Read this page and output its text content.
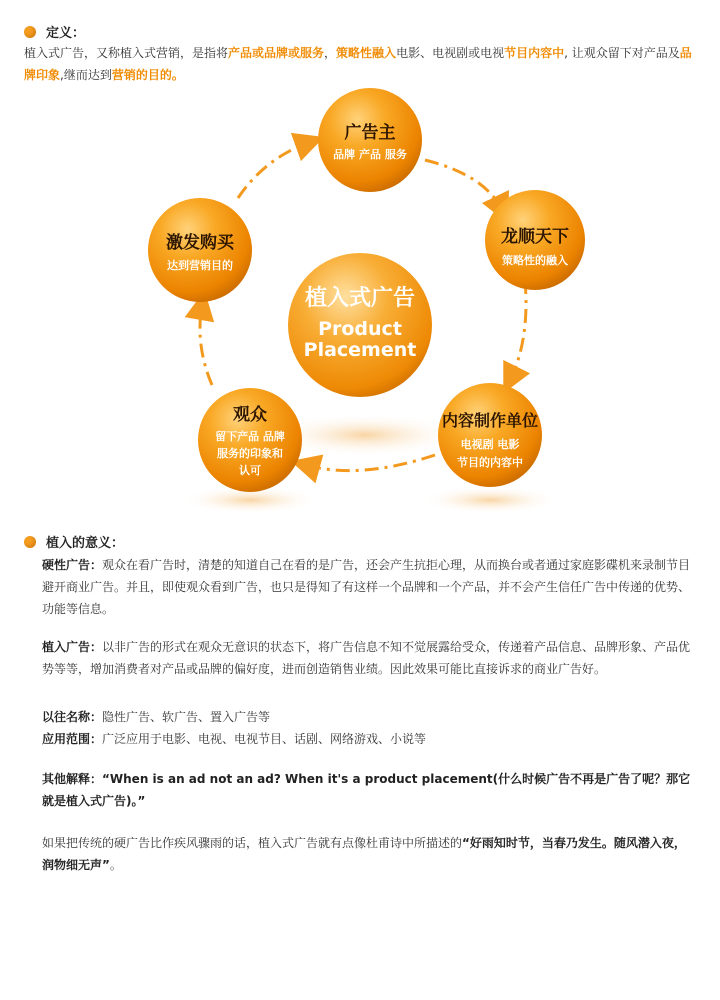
定义：
植入式广告，又称植入式营销，是指将产品或品牌或服务，策略性融入电影、电视剧或电视节目内容中, 让观众留下对产品及品牌印象,继而达到营销的目的。
植入式广告
Product
Placement
广告主
品牌 产品 服务
龙顺天下
策略性的融入
内容制作单位
电视剧 电影
节目的内容中
观众
留下产品 品牌
服务的印象和
认可
激发购买
达到营销目的
植入的意义：
硬性广告：观众在看广告时，清楚的知道自己在看的是广告，还会产生抗拒心理，从而换台或者通过家庭影碟机来录制节目避开商业广告。并且，即使观众看到广告，也只是得知了有这样一个品牌和一个产品，并不会产生信任广告中传递的优势、功能等信息。
植入广告：以非广告的形式在观众无意识的状态下，将广告信息不知不觉展露给受众，传递着产品信息、品牌形象、产品优势等等，增加消费者对产品或品牌的偏好度，进而创造销售业绩。因此效果可能比直接诉求的商业广告好。
以往名称：隐性广告、软广告、置入广告等
应用范围：广泛应用于电影、电视、电视节目、话剧、网络游戏、小说等
其他解释：“When is an ad not an ad? When it's a product placement(什么时候广告不再是广告了呢？那它就是植入式广告)。”
如果把传统的硬广告比作疾风骤雨的话，植入式广告就有点像杜甫诗中所描述的“好雨知时节，当春乃发生。随风潜入夜，润物细无声”。
